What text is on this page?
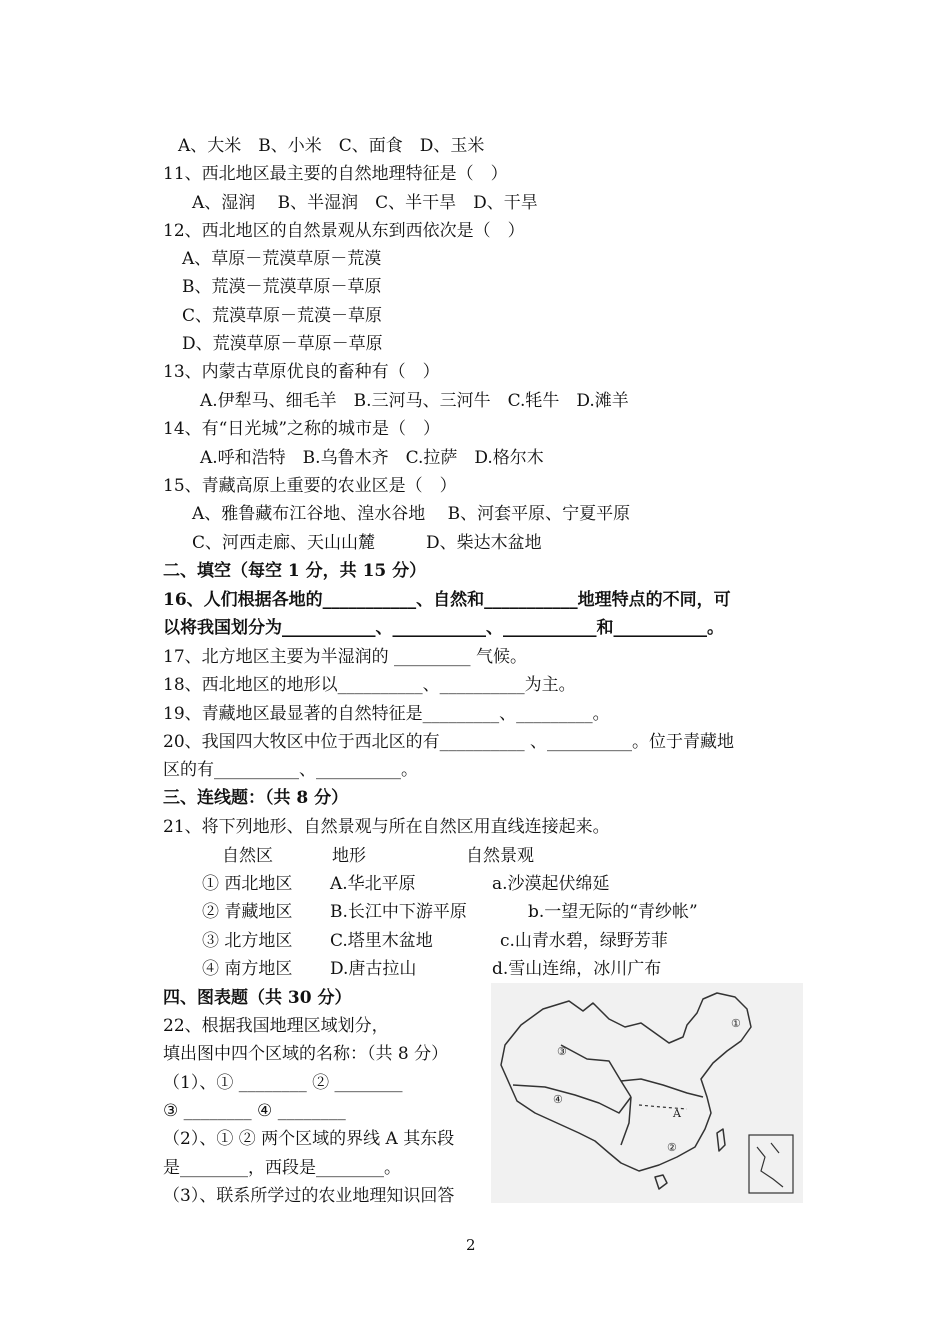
A、大米　B、小米　C、面食　D、玉米
11、西北地区最主要的自然地理特征是（　）
A、湿润　 B、半湿润　C、半干旱　D、干旱
12、西北地区的自然景观从东到西依次是（　）
A、草原－荒漠草原－荒漠
B、荒漠－荒漠草原－草原
C、荒漠草原－荒漠－草原
D、荒漠草原－草原－草原
13、内蒙古草原优良的畜种有（　）
A.伊犁马、细毛羊　B.三河马、三河牛　C.牦牛　D.滩羊
14、有“日光城”之称的城市是（　）
A.呼和浩特　B.乌鲁木齐　C.拉萨　D.格尔木
15、青藏高原上重要的农业区是（　）
A、雅鲁藏布江谷地、湟水谷地　 B、河套平原、宁夏平原
C、河西走廊、天山山麓　　　D、柴达木盆地
二、填空（每空 1 分，共 15 分）
16、人们根据各地的___________、自然和___________地理特点的不同，可
以将我国划分为___________、___________、___________和___________。
17、北方地区主要为半湿润的 _________ 气候。
18、西北地区的地形以__________、__________为主。
19、青藏地区最显著的自然特征是_________、_________。
20、我国四大牧区中位于西北区的有__________ 、__________。位于青藏地
区的有__________、__________。
三、连线题：（共 8 分）
21、将下列地形、自然景观与所在自然区用直线连接起来。
自然区	地形	自然景观
① 西北地区 A.华北平原	a.沙漠起伏绵延
② 青藏地区 B.长江中下游平原	b.一望无际的“青纱帐”
③ 北方地区 C.塔里木盆地	c.山青水碧，绿野芳菲
④ 南方地区 D.唐古拉山	d.雪山连绵，冰川广布
四、图表题（共 30 分）
22、根据我国地理区域划分，
填出图中四个区域的名称：（共 8 分）
（1）、① ________ ② ________
③ ________ ④ ________
（2）、① ② 两个区域的界线 A 其东段
是________，西段是________。
（3）、联系所学过的农业地理知识回答
①
②
③
④
A
2
